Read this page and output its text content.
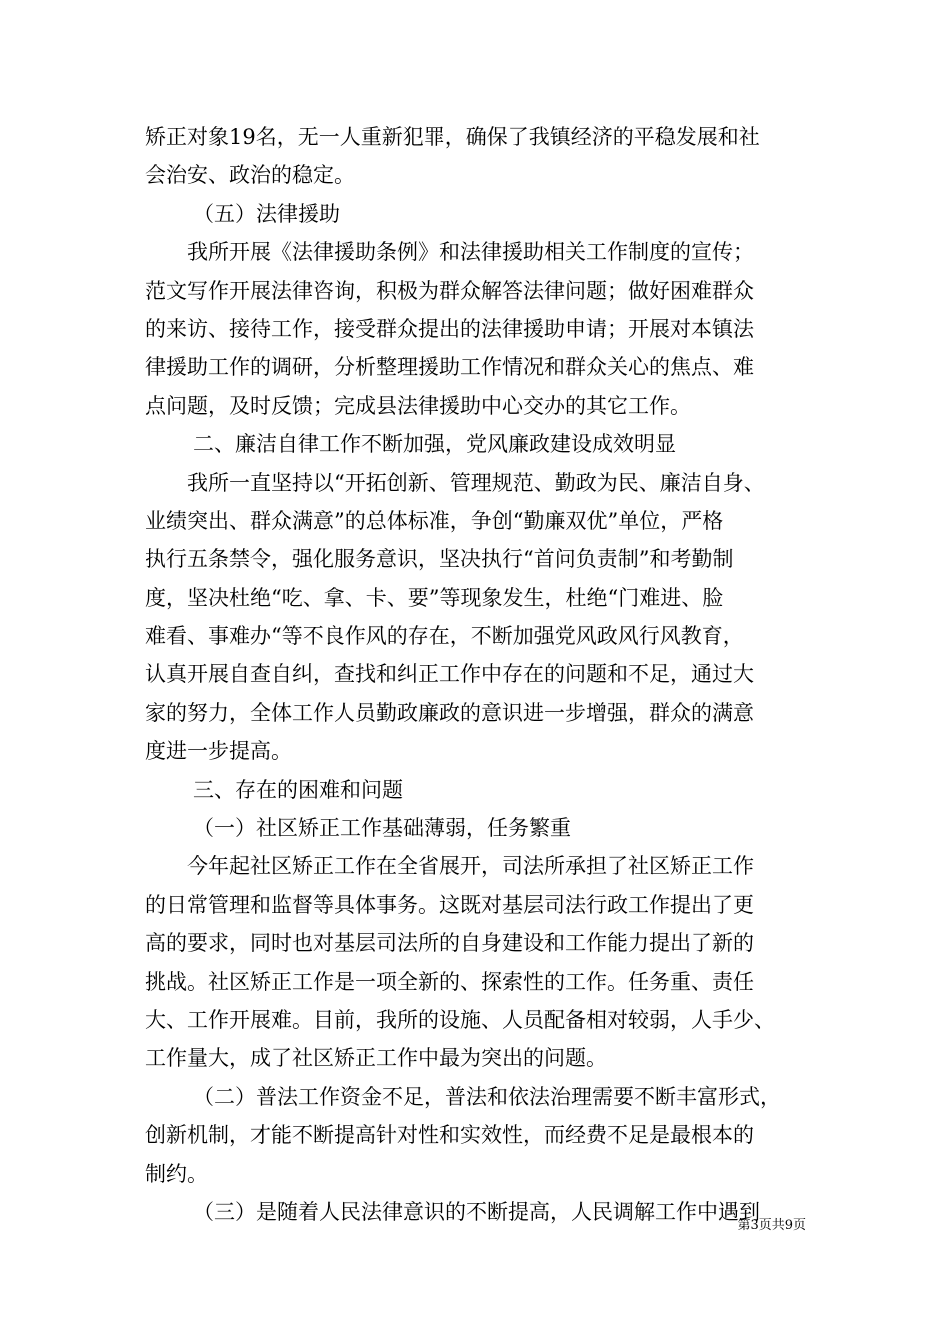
矫正对象19名，无一人重新犯罪，确保了我镇经济的平稳发展和社

会治安、政治的稳定。

（五）法律援助

我所开展《法律援助条例》和法律援助相关工作制度的宣传；

范文写作开展法律咨询，积极为群众解答法律问题；做好困难群众

的来访、接待工作，接受群众提出的法律援助申请；开展对本镇法

律援助工作的调研，分析整理援助工作情况和群众关心的焦点、难

点问题，及时反馈；完成县法律援助中心交办的其它工作。

二、廉洁自律工作不断加强，党风廉政建设成效明显

我所一直坚持以“开拓创新、管理规范、勤政为民、廉洁自身、

业绩突出、群众满意”的总体标准，争创“勤廉双优”单位，严格

执行五条禁令，强化服务意识，坚决执行“首问负责制”和考勤制

度，坚决杜绝“吃、拿、卡、要”等现象发生，杜绝“门难进、脸

难看、事难办“等不良作风的存在，不断加强党风政风行风教育，

认真开展自查自纠，查找和纠正工作中存在的问题和不足，通过大

家的努力，全体工作人员勤政廉政的意识进一步增强，群众的满意

度进一步提高。

三、存在的困难和问题

（一）社区矫正工作基础薄弱，任务繁重

今年起社区矫正工作在全省展开，司法所承担了社区矫正工作

的日常管理和监督等具体事务。这既对基层司法行政工作提出了更

高的要求，同时也对基层司法所的自身建设和工作能力提出了新的

挑战。社区矫正工作是一项全新的、探索性的工作。任务重、责任

大、工作开展难。目前，我所的设施、人员配备相对较弱，人手少、

工作量大，成了社区矫正工作中最为突出的问题。

（二）普法工作资金不足，普法和依法治理需要不断丰富形式，

创新机制，才能不断提高针对性和实效性，而经费不足是最根本的

制约。

（三）是随着人民法律意识的不断提高，人民调解工作中遇到

第3页共9页
